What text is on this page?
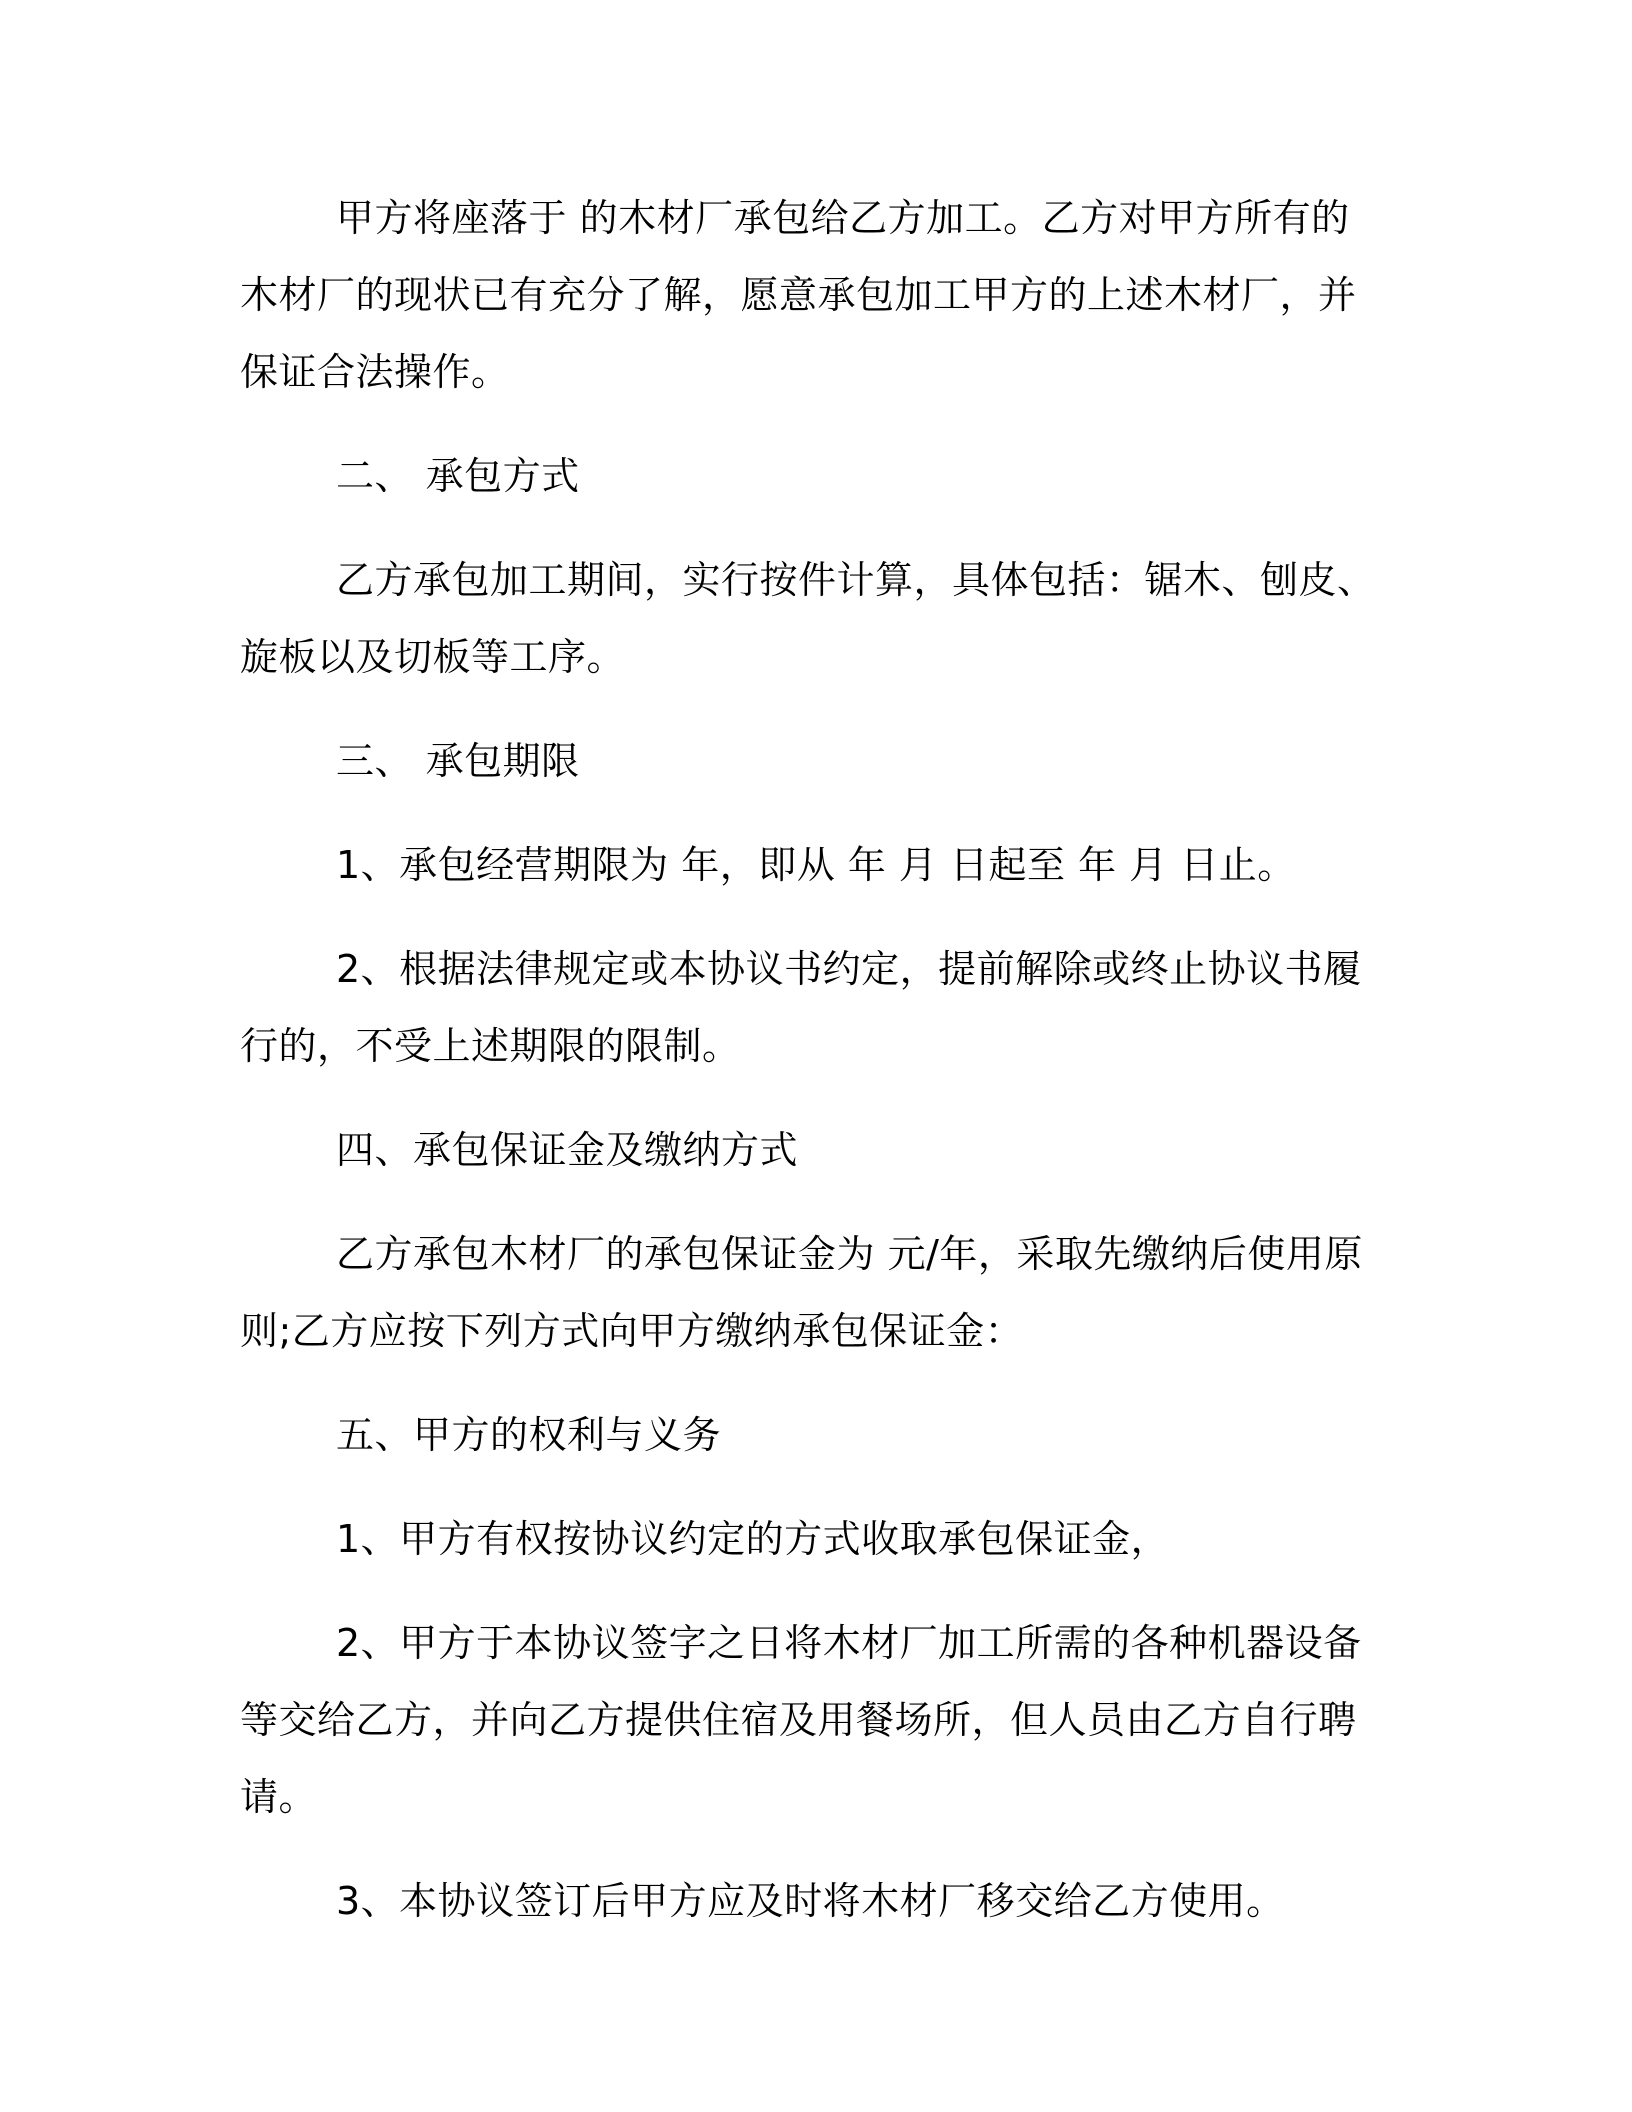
甲方将座落于 的木材厂承包给乙方加工。乙方对甲方所有的木材厂的现状已有充分了解，愿意承包加工甲方的上述木材厂，并保证合法操作。

二、 承包方式

乙方承包加工期间，实行按件计算，具体包括：锯木、刨皮、旋板以及切板等工序。

三、 承包期限

1、承包经营期限为 年，即从 年 月 日起至 年 月 日止。

2、根据法律规定或本协议书约定，提前解除或终止协议书履行的，不受上述期限的限制。

四、承包保证金及缴纳方式

乙方承包木材厂的承包保证金为 元/年，采取先缴纳后使用原则;乙方应按下列方式向甲方缴纳承包保证金：

五、甲方的权利与义务

1、甲方有权按协议约定的方式收取承包保证金，

2、甲方于本协议签字之日将木材厂加工所需的各种机器设备等交给乙方，并向乙方提供住宿及用餐场所，但人员由乙方自行聘请。

3、本协议签订后甲方应及时将木材厂移交给乙方使用。
